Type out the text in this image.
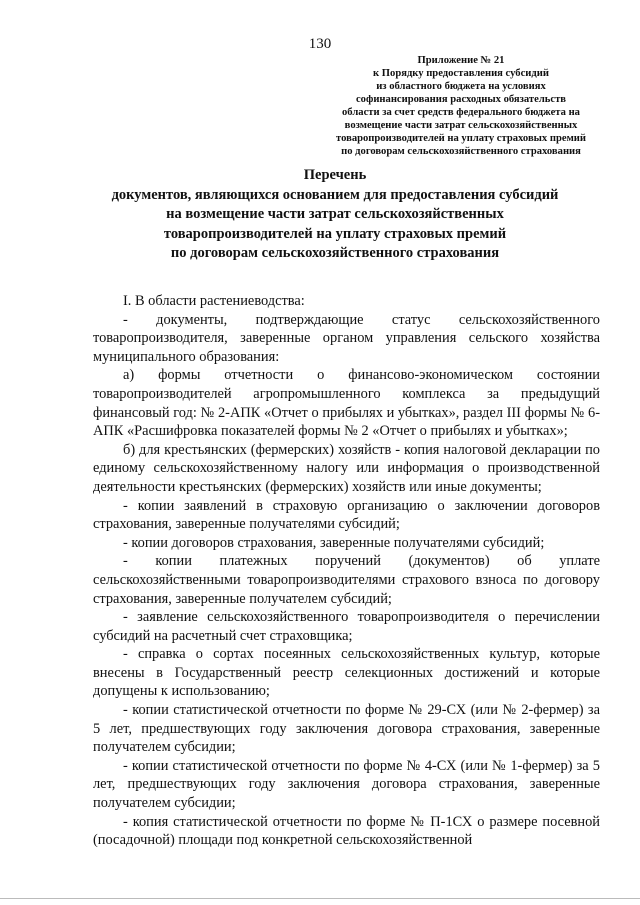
130
Приложение № 21
к Порядку предоставления субсидий
из областного бюджета на условиях
софинансирования расходных обязательств
области за счет средств федерального бюджета на
возмещение части затрат сельскохозяйственных
товаропроизводителей на уплату страховых премий
по договорам сельскохозяйственного страхования
Перечень
документов, являющихся основанием для предоставления субсидий
на возмещение части затрат сельскохозяйственных
товаропроизводителей на уплату страховых премий
по договорам сельскохозяйственного страхования

I. В области растениеводства:

- документы, подтверждающие статус сельскохозяйственного товаропроизводителя, заверенные органом управления сельского хозяйства муниципального образования:

а) формы отчетности о финансово-экономическом состоянии товаропроизводителей агропромышленного комплекса за предыдущий финансовый год: № 2-АПК «Отчет о прибылях и убытках», раздел III формы № 6-АПК «Расшифровка показателей формы № 2 «Отчет о прибылях и убытках»;

б) для крестьянских (фермерских) хозяйств - копия налоговой декларации по единому сельскохозяйственному налогу или информация о производственной деятельности крестьянских (фермерских) хозяйств или иные документы;

- копии заявлений в страховую организацию о заключении договоров страхования, заверенные получателями субсидий;

- копии договоров страхования, заверенные получателями субсидий;

- копии платежных поручений (документов) об уплате сельскохозяйственными товаропроизводителями страхового взноса по договору страхования, заверенные получателем субсидий;

- заявление сельскохозяйственного товаропроизводителя о перечислении субсидий на расчетный счет страховщика;

- справка о сортах посеянных сельскохозяйственных культур, которые внесены в Государственный реестр селекционных достижений и которые допущены к использованию;

- копии статистической отчетности по форме № 29-СХ (или № 2-фермер) за 5 лет, предшествующих году заключения договора страхования, заверенные получателем субсидии;

- копии статистической отчетности по форме № 4-СХ (или № 1-фермер) за 5 лет, предшествующих году заключения договора страхования, заверенные получателем субсидии;

- копия статистической отчетности по форме № П-1СХ о размере посевной (посадочной) площади под конкретной сельскохозяйственной
